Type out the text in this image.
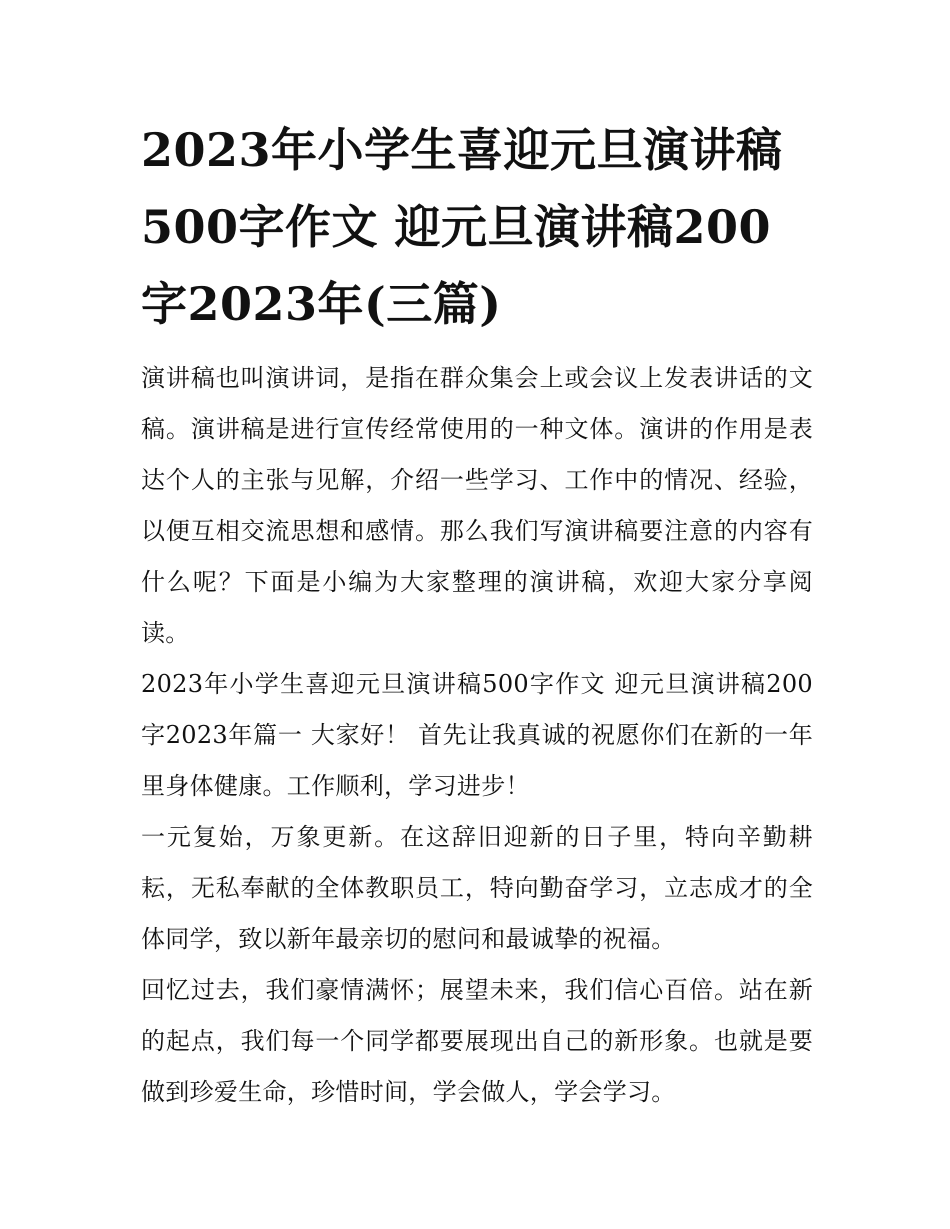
2023年小学生喜迎元旦演讲稿500字作文 迎元旦演讲稿200字2023年(三篇)

演讲稿也叫演讲词，是指在群众集会上或会议上发表讲话的文稿。演讲稿是进行宣传经常使用的一种文体。演讲的作用是表达个人的主张与见解，介绍一些学习、工作中的情况、经验，以便互相交流思想和感情。那么我们写演讲稿要注意的内容有什么呢？下面是小编为大家整理的演讲稿，欢迎大家分享阅读。

2023年小学生喜迎元旦演讲稿500字作文 迎元旦演讲稿200字2023年篇一 大家好！ 首先让我真诚的祝愿你们在新的一年里身体健康。工作顺利，学习进步！

一元复始，万象更新。在这辞旧迎新的日子里，特向辛勤耕耘，无私奉献的全体教职员工，特向勤奋学习，立志成才的全体同学，致以新年最亲切的慰问和最诚挚的祝福。

回忆过去，我们豪情满怀；展望未来，我们信心百倍。站在新的起点，我们每一个同学都要展现出自己的新形象。也就是要做到珍爱生命，珍惜时间，学会做人，学会学习。
